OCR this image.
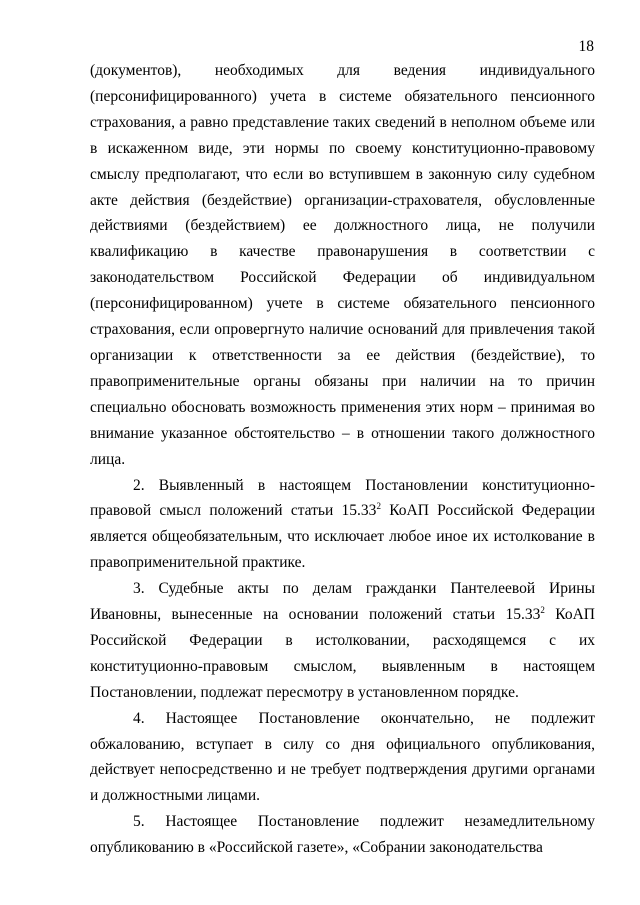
18

(документов), необходимых для ведения индивидуального (персонифицированного) учета в системе обязательного пенсионного страхования, а равно представление таких сведений в неполном объеме или в искаженном виде, эти нормы по своему конституционно-правовому смыслу предполагают, что если во вступившем в законную силу судебном акте действия (бездействие) организации-страхователя, обусловленные действиями (бездействием) ее должностного лица, не получили квалификацию в качестве правонарушения в соответствии с законодательством Российской Федерации об индивидуальном (персонифицированном) учете в системе обязательного пенсионного страхования, если опровергнуто наличие оснований для привлечения такой организации к ответственности за ее действия (бездействие), то правоприменительные органы обязаны при наличии на то причин специально обосновать возможность применения этих норм – принимая во внимание указанное обстоятельство – в отношении такого должностного лица.

2. Выявленный в настоящем Постановлении конституционно-правовой смысл положений статьи 15.33$^2$ КоАП Российской Федерации является общеобязательным, что исключает любое иное их истолкование в правоприменительной практике.

3. Судебные акты по делам гражданки Пантелеевой Ирины Ивановны, вынесенные на основании положений статьи 15.33$^2$ КоАП Российской Федерации в истолковании, расходящемся с их конституционно-правовым смыслом, выявленным в настоящем Постановлении, подлежат пересмотру в установленном порядке.

4. Настоящее Постановление окончательно, не подлежит обжалованию, вступает в силу со дня официального опубликования, действует непосредственно и не требует подтверждения другими органами и должностными лицами.

5. Настоящее Постановление подлежит незамедлительному опубликованию в «Российской газете», «Собрании законодательства
